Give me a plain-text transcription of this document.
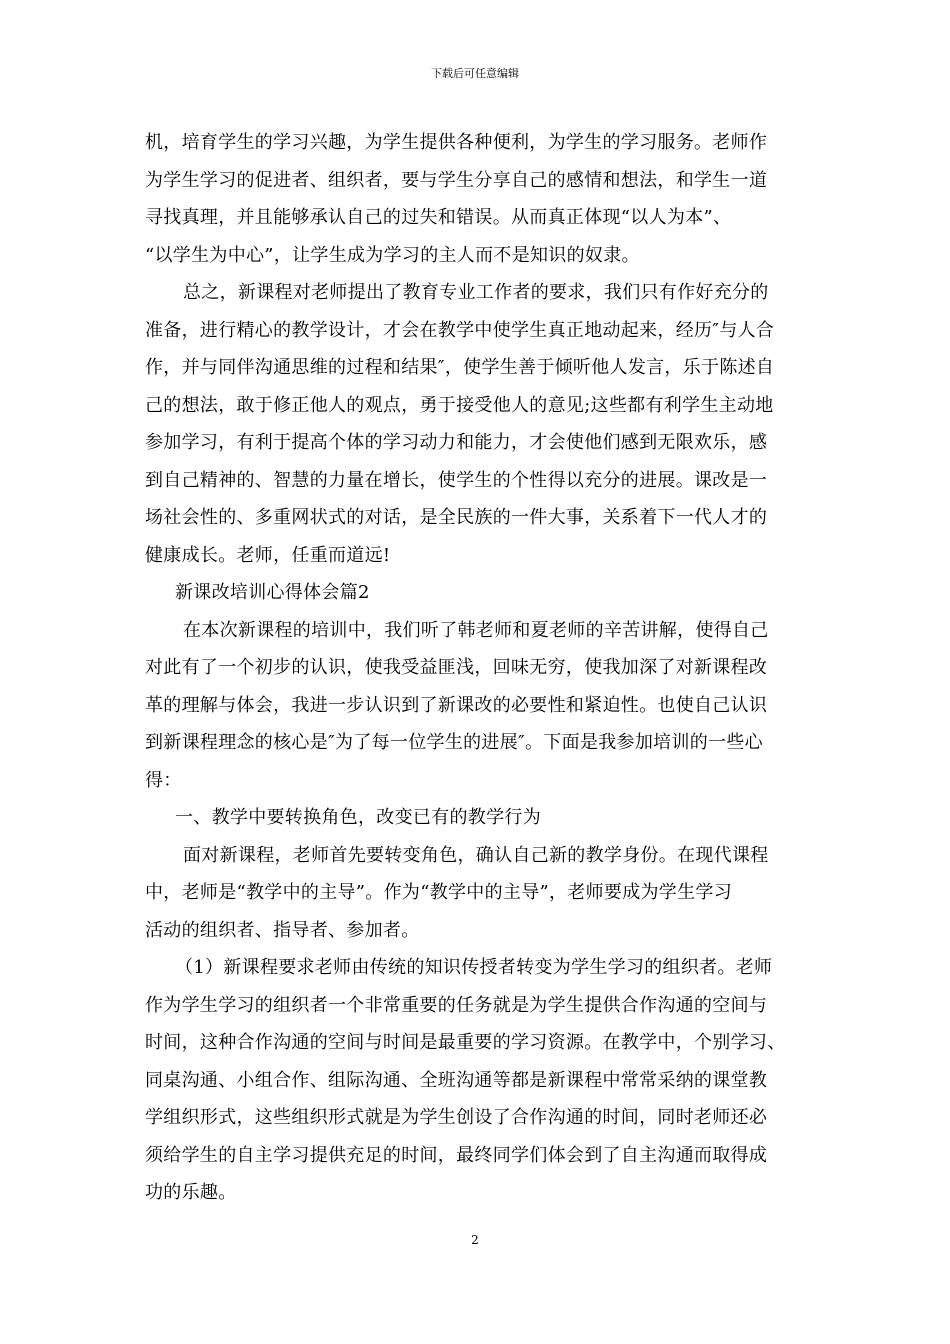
下载后可任意编辑
机，培育学生的学习兴趣，为学生提供各种便利，为学生的学习服务。老师作
为学生学习的促进者、组织者，要与学生分享自己的感情和想法，和学生一道
寻找真理，并且能够承认自己的过失和错误。从而真正体现“以人为本”、
“以学生为中心”，让学生成为学习的主人而不是知识的奴隶。
总之，新课程对老师提出了教育专业工作者的要求，我们只有作好充分的
准备，进行精心的教学设计，才会在教学中使学生真正地动起来，经历″与人合
作，并与同伴沟通思维的过程和结果″，使学生善于倾听他人发言，乐于陈述自
己的想法，敢于修正他人的观点，勇于接受他人的意见;这些都有利学生主动地
参加学习，有利于提高个体的学习动力和能力，才会使他们感到无限欢乐，感
到自己精神的、智慧的力量在增长，使学生的个性得以充分的进展。课改是一
场社会性的、多重网状式的对话，是全民族的一件大事，关系着下一代人才的
健康成长。老师，任重而道远!
新课改培训心得体会篇2
在本次新课程的培训中，我们听了韩老师和夏老师的辛苦讲解，使得自己
对此有了一个初步的认识，使我受益匪浅，回味无穷，使我加深了对新课程改
革的理解与体会，我进一步认识到了新课改的必要性和紧迫性。也使自己认识
到新课程理念的核心是″为了每一位学生的进展″。下面是我参加培训的一些心
得：
一、教学中要转换角色，改变已有的教学行为
面对新课程，老师首先要转变角色，确认自己新的教学身份。在现代课程
中，老师是“教学中的主导”。作为“教学中的主导”，老师要成为学生学习
活动的组织者、指导者、参加者。
（1）新课程要求老师由传统的知识传授者转变为学生学习的组织者。老师
作为学生学习的组织者一个非常重要的任务就是为学生提供合作沟通的空间与
时间，这种合作沟通的空间与时间是最重要的学习资源。在教学中，个别学习、
同桌沟通、小组合作、组际沟通、全班沟通等都是新课程中常常采纳的课堂教
学组织形式，这些组织形式就是为学生创设了合作沟通的时间，同时老师还必
须给学生的自主学习提供充足的时间，最终同学们体会到了自主沟通而取得成
功的乐趣。
2
